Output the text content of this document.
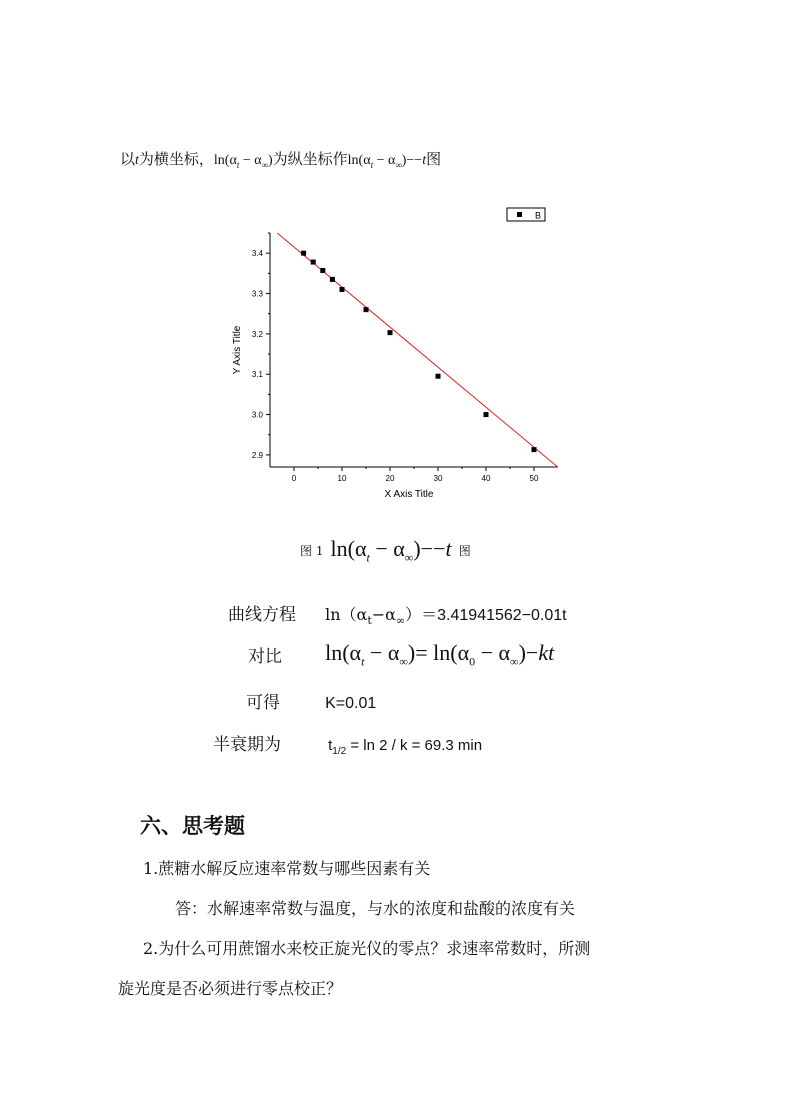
以t为横坐标，$\ln(\alpha_t - \alpha_\infty)$为纵坐标作$\ln(\alpha_t - \alpha_\infty)--t$图
0	10	20	30	40	50
2.9
3.0
3.1
3.2
3.3
3.4
X Axis Title
Y Axis Title
B
图 1 $\ln(\alpha_t - \alpha_\infty)--t$ 图
曲线方程 $\ln(\alpha_t-\alpha_\infty)=3.41941562-0.01t$
对比 $\ln(\alpha_t - \alpha_\infty)= \ln(\alpha_0 - \alpha_\infty)-kt$
可得	K=0.01
半衰期为	$t_{1/2} = \ln 2 / k = 69.3$ min
六、思考题
1.蔗糖水解反应速率常数与哪些因素有关
答：水解速率常数与温度，与水的浓度和盐酸的浓度有关
2.为什么可用蔗馏水来校正旋光仪的零点？求速率常数时，所测
旋光度是否必须进行零点校正？
